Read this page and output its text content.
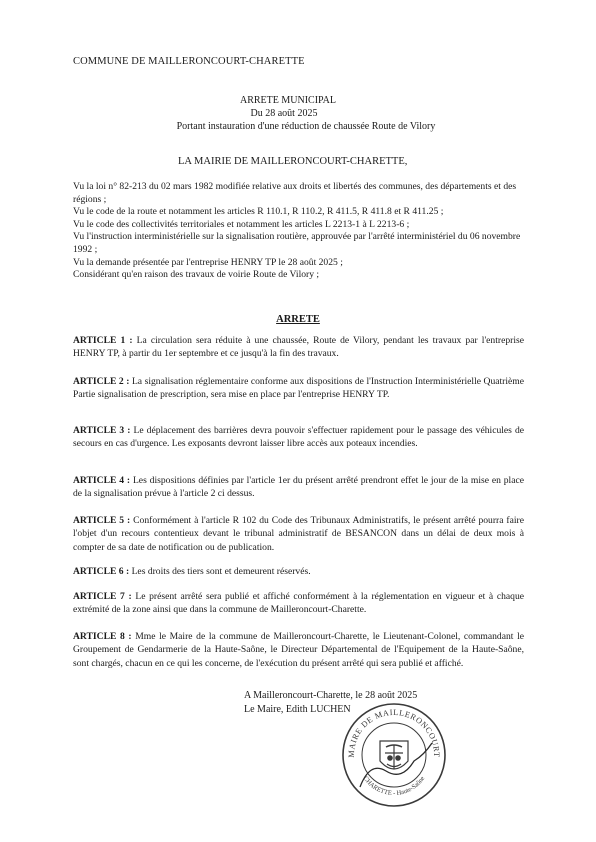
COMMUNE DE MAILLERONCOURT-CHARETTE
ARRETE MUNICIPAL
Du 28 août 2025
Portant instauration d'une réduction de chaussée Route de Vilory
LA MAIRIE DE MAILLERONCOURT-CHARETTE,

Vu la loi n° 82-213 du 02 mars 1982 modifiée relative aux droits et libertés des communes, des départements et des régions ;

Vu le code de la route et notamment les articles R 110.1, R 110.2, R 411.5, R 411.8 et R 411.25 ;

Vu le code des collectivités territoriales et notamment les articles L 2213-1 à L 2213-6 ;

Vu l'instruction interministérielle sur la signalisation routière, approuvée par l'arrêté interministériel du 06 novembre 1992 ;

Vu la demande présentée par l'entreprise HENRY TP le 28 août 2025 ;

Considérant qu'en raison des travaux de voirie Route de Vilory ;

ARRETE

ARTICLE 1 : La circulation sera réduite à une chaussée, Route de Vilory, pendant les travaux par l'entreprise HENRY TP, à partir du 1er septembre et ce jusqu'à la fin des travaux.

ARTICLE 2 : La signalisation réglementaire conforme aux dispositions de l'Instruction Interministérielle Quatrième Partie signalisation de prescription, sera mise en place par l'entreprise HENRY TP.

ARTICLE 3 : Le déplacement des barrières devra pouvoir s'effectuer rapidement pour le passage des véhicules de secours en cas d'urgence. Les exposants devront laisser libre accès aux poteaux incendies.

ARTICLE 4 : Les dispositions définies par l'article 1er du présent arrêté prendront effet le jour de la mise en place de la signalisation prévue à l'article 2 ci dessus.

ARTICLE 5 : Conformément à l'article R 102 du Code des Tribunaux Administratifs, le présent arrêté pourra faire l'objet d'un recours contentieux devant le tribunal administratif de BESANCON dans un délai de deux mois à compter de sa date de notification ou de publication.

ARTICLE 6 : Les droits des tiers sont et demeurent réservés.

ARTICLE 7 : Le présent arrêté sera publié et affiché conformément à la réglementation en vigueur et à chaque extrémité de la zone ainsi que dans la commune de Mailleroncourt-Charette.

ARTICLE 8 : Mme le Maire de la commune de Mailleroncourt-Charette, le Lieutenant-Colonel, commandant le Groupement de Gendarmerie de la Haute-Saône, le Directeur Départemental de l'Equipement de la Haute-Saône, sont chargés, chacun en ce qui les concerne, de l'exécution du présent arrêté qui sera publié et affiché.

A Mailleroncourt-Charette, le 28 août 2025
Le Maire, Edith LUCHEN
MAIRE DE MAILLERONCOURT
CHARETTE - Haute-Saône
